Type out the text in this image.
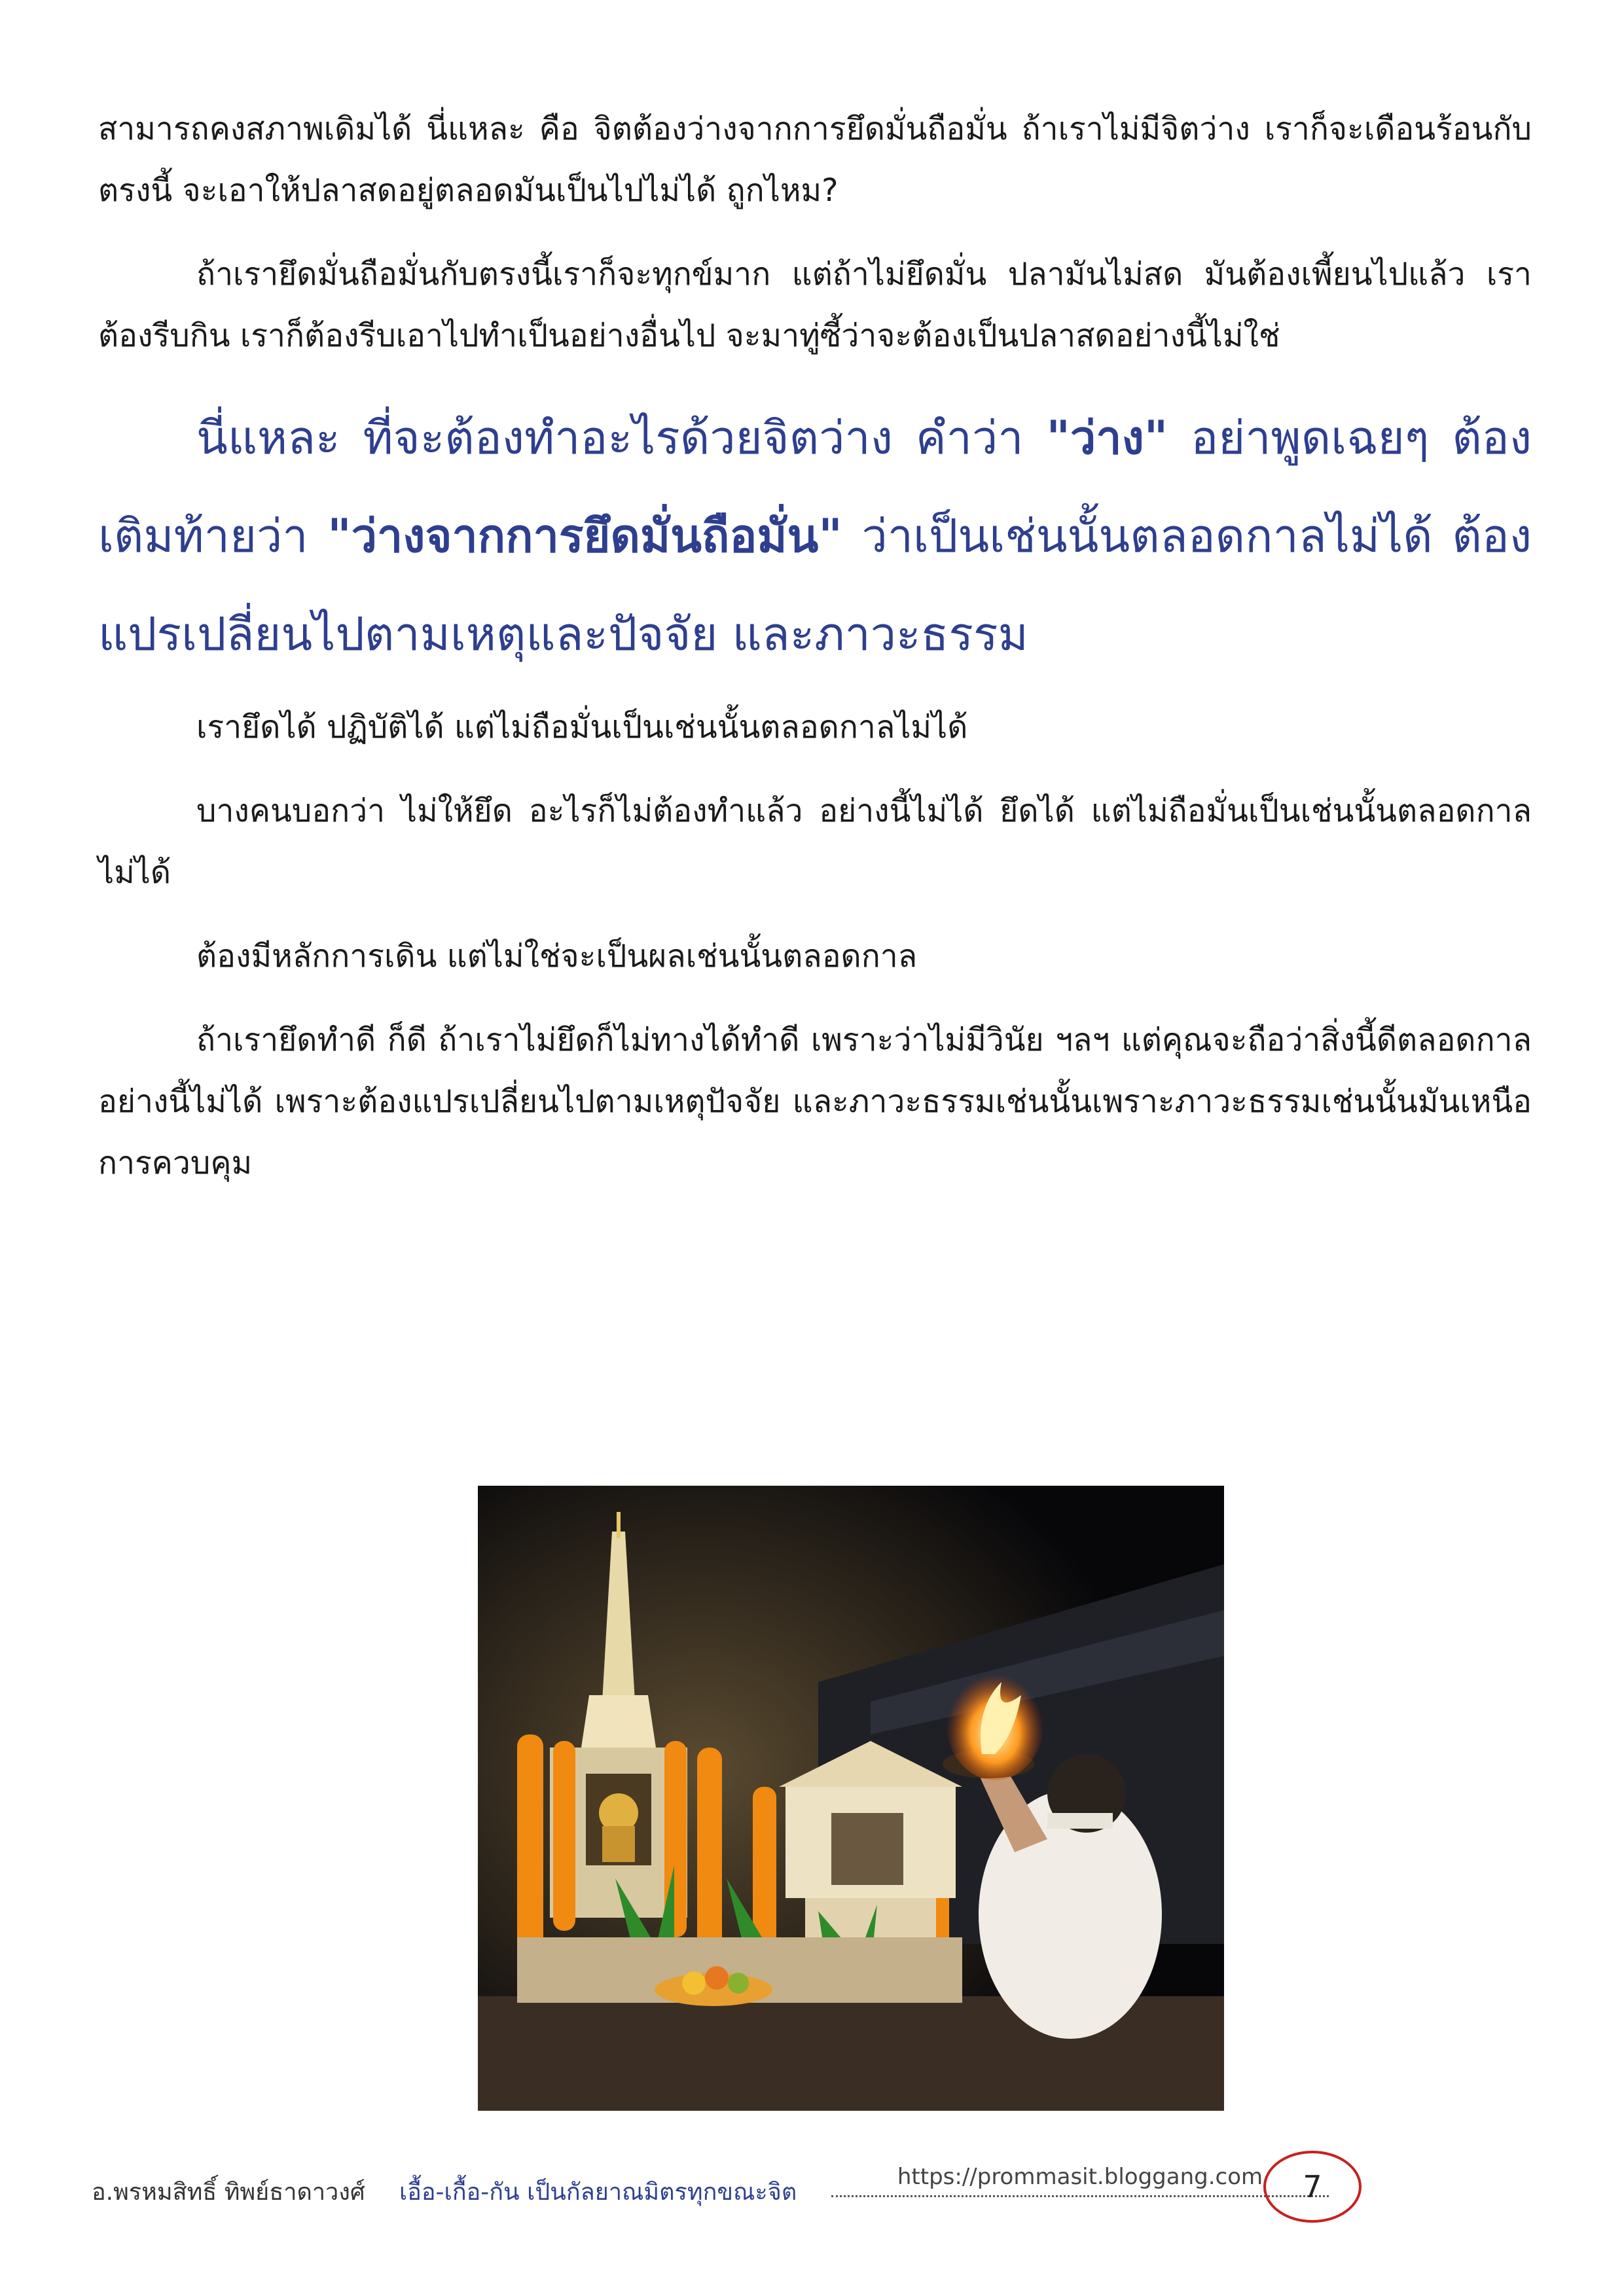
สามารถคงสภาพเดิมได้ นี่แหละ คือ จิตต้องว่างจากการยึดมั่นถือมั่น ถ้าเราไม่มีจิตว่าง เราก็จะเดือนร้อนกับตรงนี้ จะเอาให้ปลาสดอยู่ตลอดมันเป็นไปไม่ได้ ถูกไหม?

ถ้าเรายึดมั่นถือมั่นกับตรงนี้เราก็จะทุกข์มาก แต่ถ้าไม่ยึดมั่น ปลามันไม่สด มันต้องเพี้ยนไปแล้ว เราต้องรีบกิน เราก็ต้องรีบเอาไปทำเป็นอย่างอื่นไป จะมาทู่ซี้ว่าจะต้องเป็นปลาสดอย่างนี้ไม่ใช่

นี่แหละ ที่จะต้องทำอะไรด้วยจิตว่าง คำว่า "ว่าง" อย่าพูดเฉยๆ ต้องเติมท้ายว่า "ว่างจากการยึดมั่นถือมั่น" ว่าเป็นเช่นนั้นตลอดกาลไม่ได้ ต้องแปรเปลี่ยนไปตามเหตุและปัจจัย และภาวะธรรม

เรายึดได้ ปฏิบัติได้ แต่ไม่ถือมั่นเป็นเช่นนั้นตลอดกาลไม่ได้

บางคนบอกว่า ไม่ให้ยึด อะไรก็ไม่ต้องทำแล้ว อย่างนี้ไม่ได้ ยึดได้ แต่ไม่ถือมั่นเป็นเช่นนั้นตลอดกาลไม่ได้

ต้องมีหลักการเดิน แต่ไม่ใช่จะเป็นผลเช่นนั้นตลอดกาล

ถ้าเรายึดทำดี ก็ดี ถ้าเราไม่ยึดก็ไม่ทางได้ทำดี เพราะว่าไม่มีวินัย ฯลฯ แต่คุณจะถือว่าสิ่งนี้ดีตลอดกาลอย่างนี้ไม่ได้ เพราะต้องแปรเปลี่ยนไปตามเหตุปัจจัย และภาวะธรรมเช่นนั้นเพราะภาวะธรรมเช่นนั้นมันเหนือการควบคุม

อ.พรหมสิทธิ์ ทิพย์ธาดาวงศ์ เอื้อ-เกื้อ-กัน เป็นกัลยาณมิตรทุกขณะจิต
https://prommasit.bloggang.com	7
